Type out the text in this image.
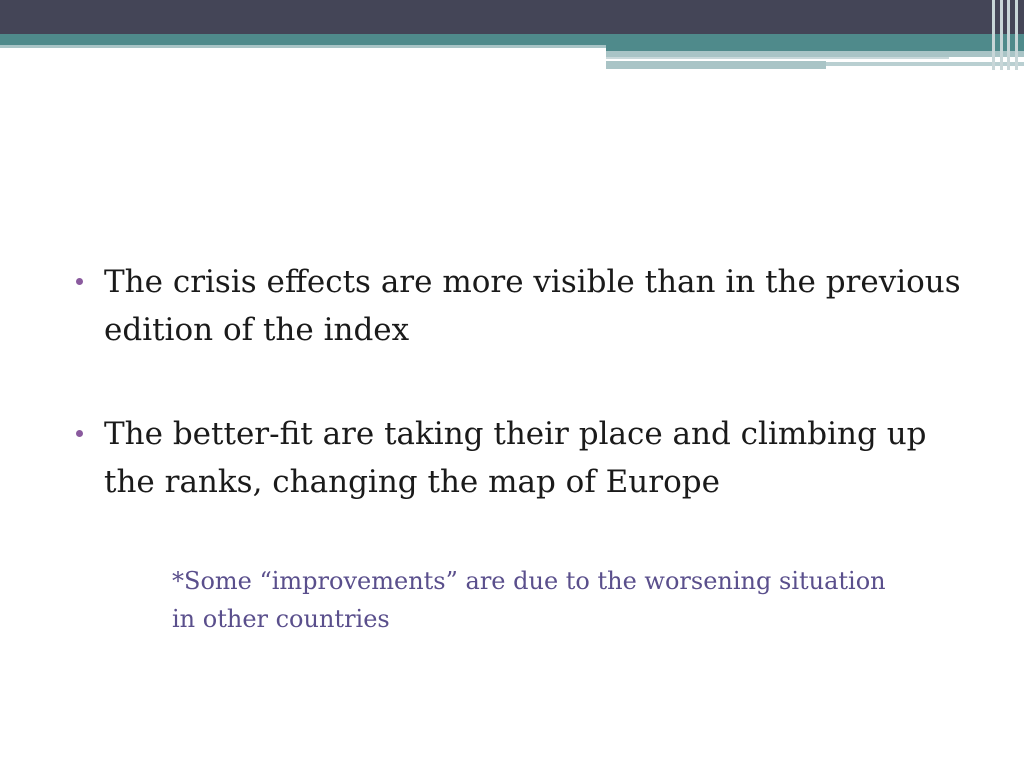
The crisis effects are more visible than in the previous edition of the index
The better-fit are taking their place and climbing up the ranks, changing the map of Europe
*Some “improvements” are due to the worsening situation in other countries
